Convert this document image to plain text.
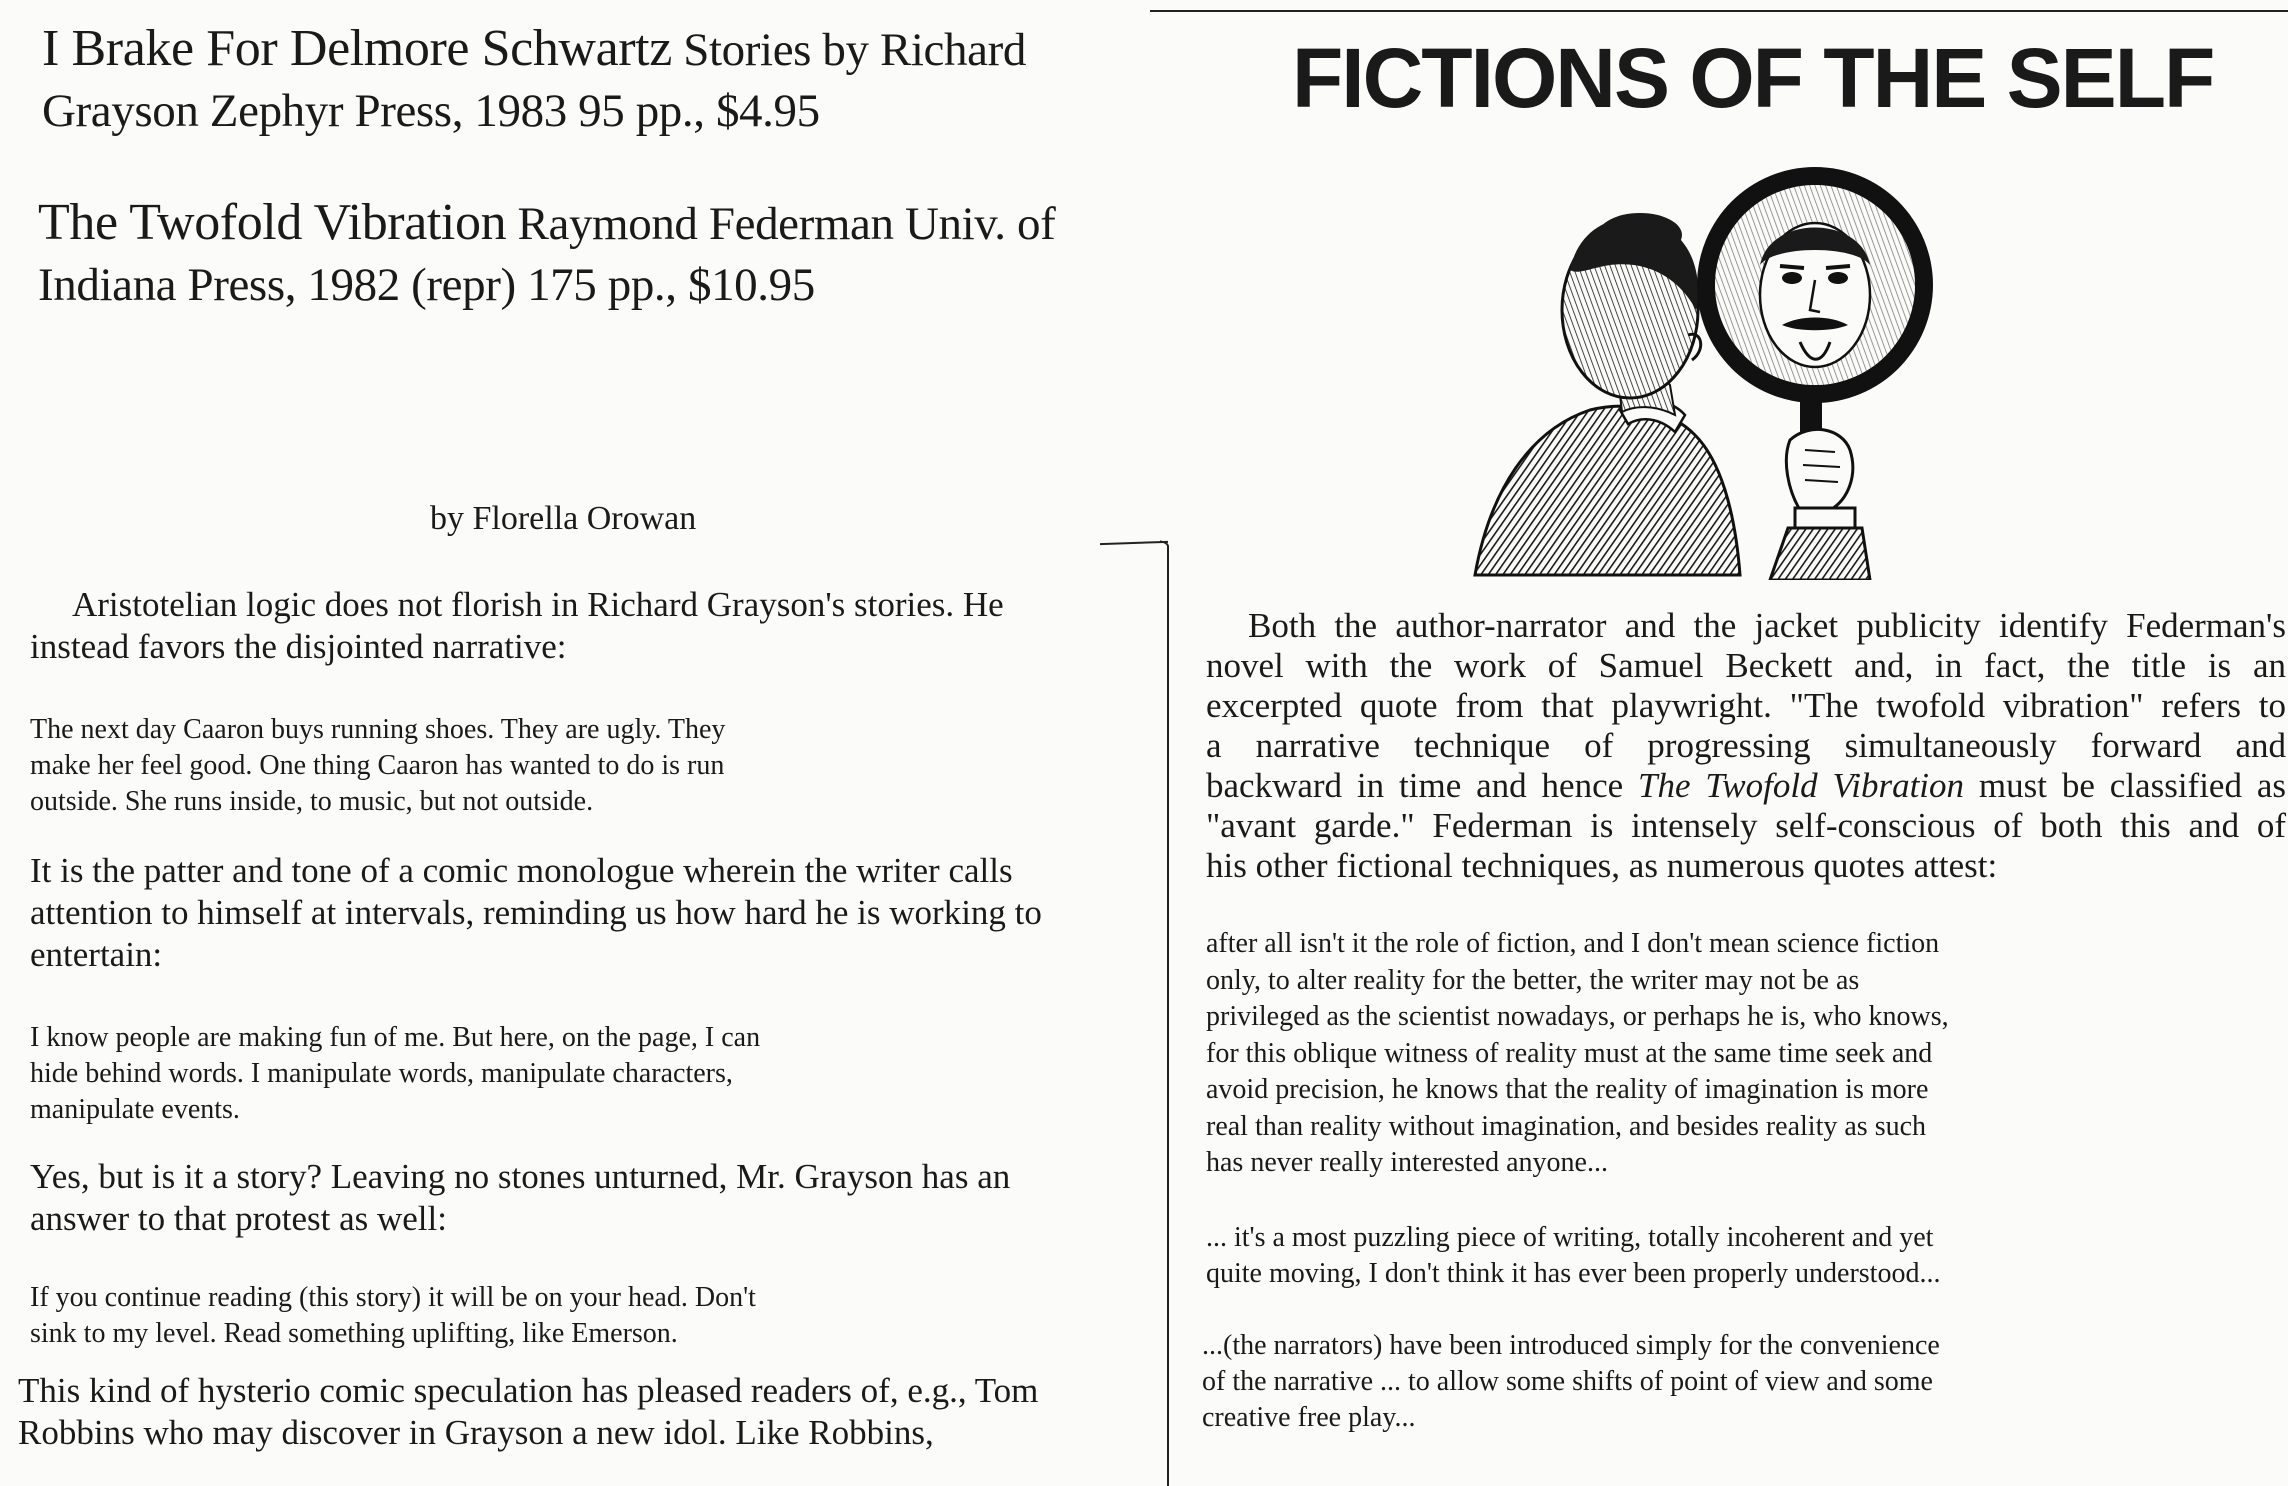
I Brake For Delmore Schwartz Stories by Richard
Grayson Zephyr Press, 1983 95 pp., $4.95
The Twofold Vibration Raymond Federman Univ. of
Indiana Press, 1982 (repr) 175 pp., $10.95
FICTIONS OF THE SELF
by Florella Orowan

Aristotelian logic does not florish in Richard Grayson's stories. He
instead favors the disjointed narrative:

The next day Caaron buys running shoes. They are ugly. They
make her feel good. One thing Caaron has wanted to do is run
outside. She runs inside, to music, but not outside.

It is the patter and tone of a comic monologue wherein the writer calls
attention to himself at intervals, reminding us how hard he is working to
entertain:

I know people are making fun of me. But here, on the page, I can
hide behind words. I manipulate words, manipulate characters,
manipulate events.

Yes, but is it a story? Leaving no stones unturned, Mr. Grayson has an
answer to that protest as well:

If you continue reading (this story) it will be on your head. Don't
sink to my level. Read something uplifting, like Emerson.

This kind of hysterio comic speculation has pleased readers of, e.g., Tom
Robbins who may discover in Grayson a new idol. Like Robbins,

Both the author-narrator and the jacket publicity identify Federman's
novel with the work of Samuel Beckett and, in fact, the title is an
excerpted quote from that playwright. "The twofold vibration" refers to
a narrative technique of progressing simultaneously forward and
backward in time and hence The Twofold Vibration must be classified as
"avant garde." Federman is intensely self-conscious of both this and of
his other fictional techniques, as numerous quotes attest:

after all isn't it the role of fiction, and I don't mean science fiction
only, to alter reality for the better, the writer may not be as
privileged as the scientist nowadays, or perhaps he is, who knows,
for this oblique witness of reality must at the same time seek and
avoid precision, he knows that the reality of imagination is more
real than reality without imagination, and besides reality as such
has never really interested anyone...

... it's a most puzzling piece of writing, totally incoherent and yet
quite moving, I don't think it has ever been properly understood...

...(the narrators) have been introduced simply for the convenience
of the narrative ... to allow some shifts of point of view and some
creative free play...
